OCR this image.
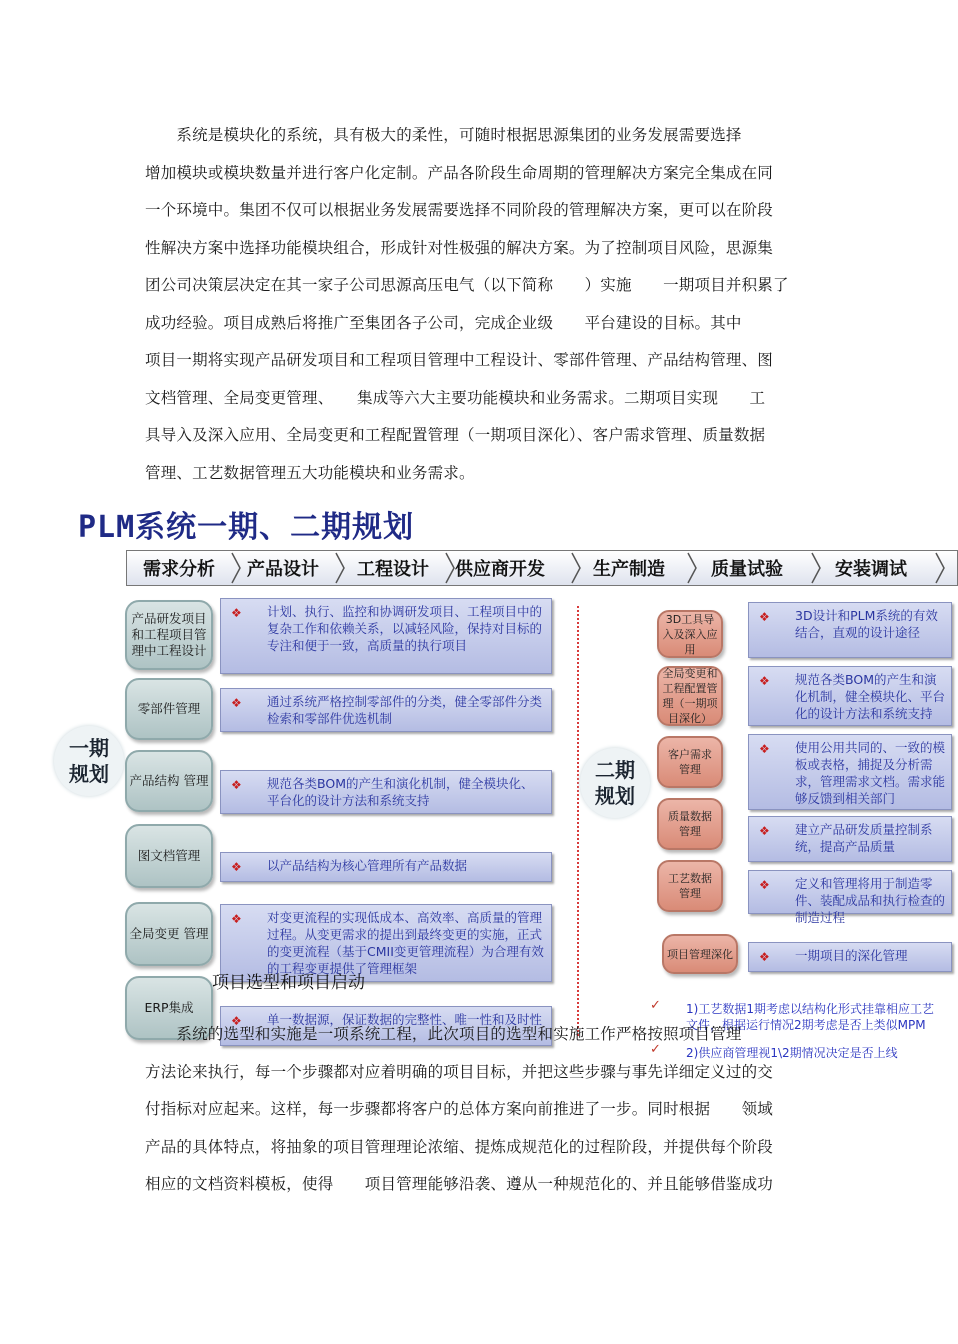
　　系统是模块化的系统，具有极大的柔性，可随时根据思源集团的业务发展需要选择
增加模块或模块数量并进行客户化定制。产品各阶段生命周期的管理解决方案完全集成在同
一个环境中。集团不仅可以根据业务发展需要选择不同阶段的管理解决方案，更可以在阶段
性解决方案中选择功能模块组合，形成针对性极强的解决方案。为了控制项目风险，思源集
团公司决策层决定在其一家子公司思源高压电气（以下简称　　）实施　　一期项目并积累了
成功经验。项目成熟后将推广至集团各子公司，完成企业级　　平台建设的目标。其中
项目一期将实现产品研发项目和工程项目管理中工程设计、零部件管理、产品结构管理、图
文档管理、全局变更管理、　　集成等六大主要功能模块和业务需求。二期项目实现　　工
具导入及深入应用、全局变更和工程配置管理（一期项目深化）、客户需求管理、质量数据
管理、工艺数据管理五大功能模块和业务需求。
PLM系统一期、二期规划
需求分析 产品设计 工程设计 供应商开发	生产制造	质量试验	安装调试
一期
规划
产品研发项目和工程项目管理中工程设计
零部件管理
产品结构 管理
图文档管理
全局变更 管理
ERP集成
❖ 计划、执行、监控和协调研发项目、工程项目中的复杂工作和依赖关系，以减轻风险，保持对目标的专注和便于一致，高质量的执行项目
❖ 通过系统严格控制零部件的分类，健全零部件分类检索和零部件优选机制
❖ 规范各类BOM的产生和演化机制，健全模块化、平台化的设计方法和系统支持
❖ 以产品结构为核心管理所有产品数据
❖ 对变更流程的实现低成本、高效率、高质量的管理过程。从变更需求的提出到最终变更的实施，正式的变更流程（基于CMII变更管理流程）为合理有效的工程变更提供了管理框架
❖ 单一数据源，保证数据的完整性、唯一性和及时性
二期
规划
3D工具导入及深入应用
全局变更和工程配置管理（一期项目深化）
客户需求 管理
质量数据 管理
工艺数据 管理
项目管理深化
❖ 3D设计和PLM系统的有效结合，直观的设计途径
❖ 规范各类BOM的产生和演化机制，健全模块化、平台化的设计方法和系统支持
❖ 使用公用共同的、一致的模板或表格，捕捉及分析需求，管理需求文档。需求能够反馈到相关部门
❖ 建立产品研发质量控制系统，提高产品质量
❖ 定义和管理将用于制造零件、装配成品和执行检查的制造过程
❖ 一期项目的深化管理
✓ 1)工艺数据1期考虑以结构化形式挂靠相应工艺
文件，根据运行情况2期考虑是否上类似MPM
✓ 2)供应商管理视1\2期情况决定是否上线
项目选型和项目启动
　　系统的选型和实施是一项系统工程，此次项目的选型和实施工作严格按照项目管理
方法论来执行，每一个步骤都对应着明确的项目目标，并把这些步骤与事先详细定义过的交
付指标对应起来。这样，每一步骤都将客户的总体方案向前推进了一步。同时根据　　领域
产品的具体特点，将抽象的项目管理理论浓缩、提炼成规范化的过程阶段，并提供每个阶段
相应的文档资料模板，使得　　项目管理能够沿袭、遵从一种规范化的、并且能够借鉴成功
